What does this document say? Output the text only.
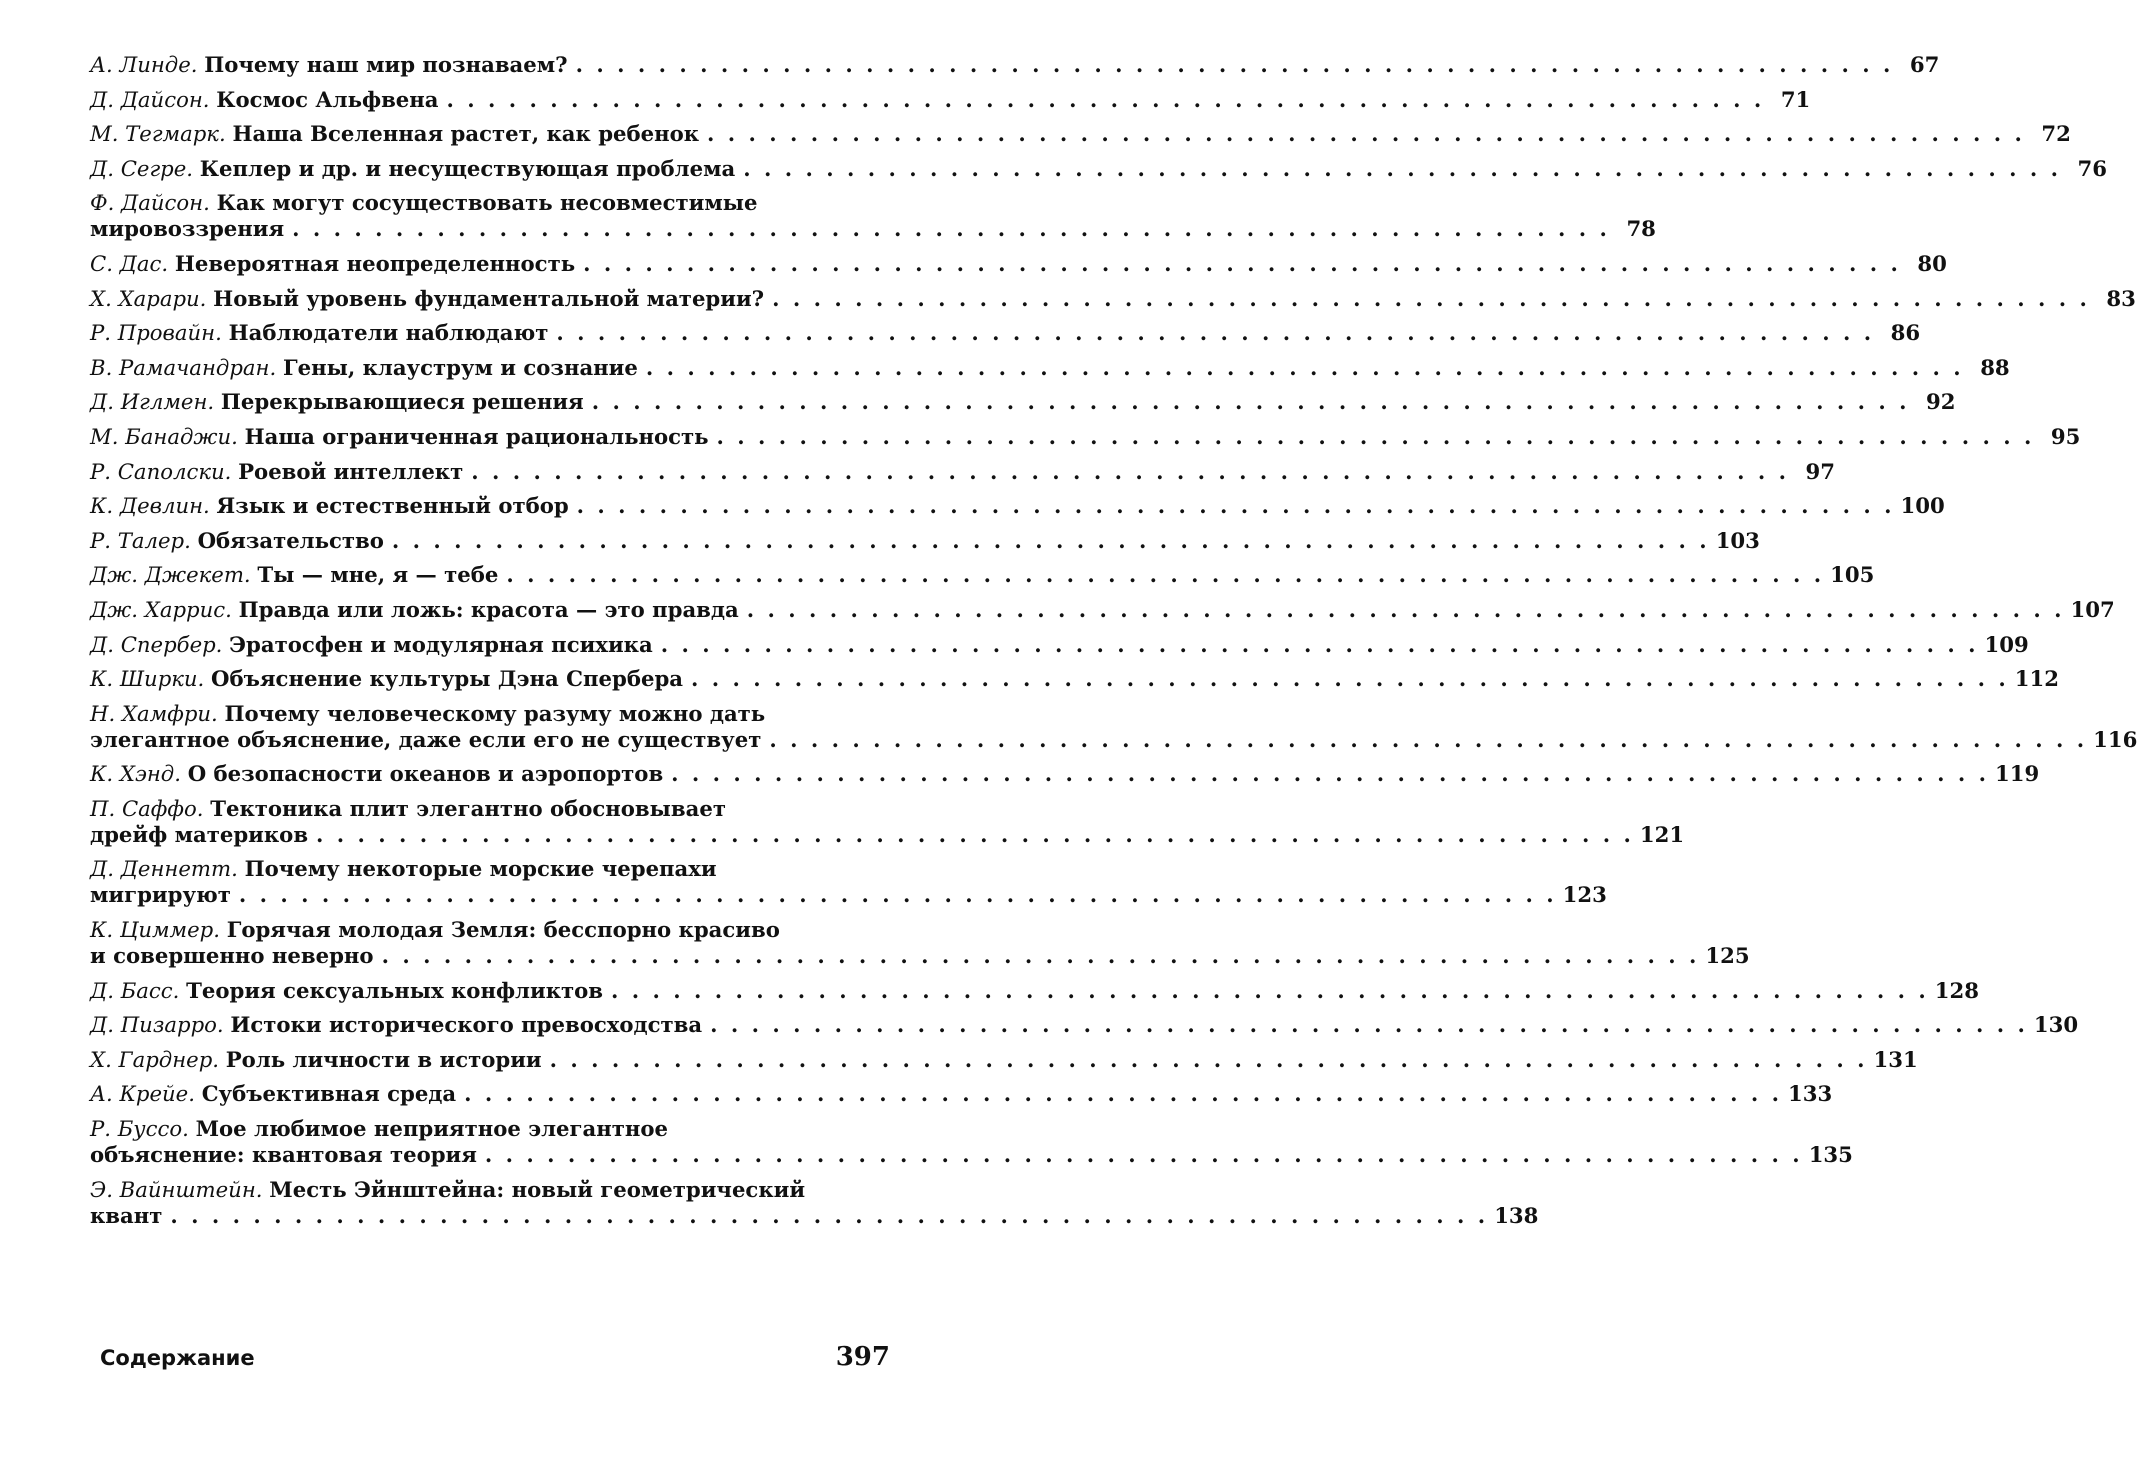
А. Линде. Почему наш мир познаваем? . . . . . . . . . . . . . . . . . . . . . . . . . . . . . . . . . . . . . . . . . . . . . . . . . . . . . . . . . . . . . . . . 67
Д. Дайсон. Космос Альфвена . . . . . . . . . . . . . . . . . . . . . . . . . . . . . . . . . . . . . . . . . . . . . . . . . . . . . . . . . . . . . . . . 71
М. Тегмарк. Наша Вселенная растет, как ребенок . . . . . . . . . . . . . . . . . . . . . . . . . . . . . . . . . . . . . . . . . . . . . . . . . . . . . . . . . . . . . . . . 72
Д. Сегре. Кеплер и др. и несуществующая проблема . . . . . . . . . . . . . . . . . . . . . . . . . . . . . . . . . . . . . . . . . . . . . . . . . . . . . . . . . . . . . . . . 76
Ф. Дайсон. Как могут сосуществовать несовместимые
мировоззрения . . . . . . . . . . . . . . . . . . . . . . . . . . . . . . . . . . . . . . . . . . . . . . . . . . . . . . . . . . . . . . . . 78
С. Дас. Невероятная неопределенность . . . . . . . . . . . . . . . . . . . . . . . . . . . . . . . . . . . . . . . . . . . . . . . . . . . . . . . . . . . . . . . . 80
Х. Харари. Новый уровень фундаментальной материи? . . . . . . . . . . . . . . . . . . . . . . . . . . . . . . . . . . . . . . . . . . . . . . . . . . . . . . . . . . . . . . . . 83
Р. Провайн. Наблюдатели наблюдают . . . . . . . . . . . . . . . . . . . . . . . . . . . . . . . . . . . . . . . . . . . . . . . . . . . . . . . . . . . . . . . . 86
В. Рамачандран. Гены, клауструм и сознание . . . . . . . . . . . . . . . . . . . . . . . . . . . . . . . . . . . . . . . . . . . . . . . . . . . . . . . . . . . . . . . . 88
Д. Иглмен. Перекрывающиеся решения . . . . . . . . . . . . . . . . . . . . . . . . . . . . . . . . . . . . . . . . . . . . . . . . . . . . . . . . . . . . . . . . 92
М. Банаджи. Наша ограниченная рациональность . . . . . . . . . . . . . . . . . . . . . . . . . . . . . . . . . . . . . . . . . . . . . . . . . . . . . . . . . . . . . . . . 95
Р. Саполски. Роевой интеллект . . . . . . . . . . . . . . . . . . . . . . . . . . . . . . . . . . . . . . . . . . . . . . . . . . . . . . . . . . . . . . . . 97
К. Девлин. Язык и естественный отбор . . . . . . . . . . . . . . . . . . . . . . . . . . . . . . . . . . . . . . . . . . . . . . . . . . . . . . . . . . . . . . . . 100
Р. Талер. Обязательство . . . . . . . . . . . . . . . . . . . . . . . . . . . . . . . . . . . . . . . . . . . . . . . . . . . . . . . . . . . . . . . . 103
Дж. Джекет. Ты — мне, я — тебе . . . . . . . . . . . . . . . . . . . . . . . . . . . . . . . . . . . . . . . . . . . . . . . . . . . . . . . . . . . . . . . . 105
Дж. Харрис. Правда или ложь: красота — это правда . . . . . . . . . . . . . . . . . . . . . . . . . . . . . . . . . . . . . . . . . . . . . . . . . . . . . . . . . . . . . . . . 107
Д. Спербер. Эратосфен и модулярная психика . . . . . . . . . . . . . . . . . . . . . . . . . . . . . . . . . . . . . . . . . . . . . . . . . . . . . . . . . . . . . . . . 109
К. Ширки. Объяснение культуры Дэна Спербера . . . . . . . . . . . . . . . . . . . . . . . . . . . . . . . . . . . . . . . . . . . . . . . . . . . . . . . . . . . . . . . . 112
Н. Хамфри. Почему человеческому разуму можно дать
элегантное объяснение, даже если его не существует . . . . . . . . . . . . . . . . . . . . . . . . . . . . . . . . . . . . . . . . . . . . . . . . . . . . . . . . . . . . . . . . 116
К. Хэнд. О безопасности океанов и аэропортов . . . . . . . . . . . . . . . . . . . . . . . . . . . . . . . . . . . . . . . . . . . . . . . . . . . . . . . . . . . . . . . . 119
П. Саффо. Тектоника плит элегантно обосновывает
дрейф материков . . . . . . . . . . . . . . . . . . . . . . . . . . . . . . . . . . . . . . . . . . . . . . . . . . . . . . . . . . . . . . . . 121
Д. Деннетт. Почему некоторые морские черепахи
мигрируют . . . . . . . . . . . . . . . . . . . . . . . . . . . . . . . . . . . . . . . . . . . . . . . . . . . . . . . . . . . . . . . . 123
К. Циммер. Горячая молодая Земля: бесспорно красиво
и совершенно неверно . . . . . . . . . . . . . . . . . . . . . . . . . . . . . . . . . . . . . . . . . . . . . . . . . . . . . . . . . . . . . . . . 125
Д. Басс. Теория сексуальных конфликтов . . . . . . . . . . . . . . . . . . . . . . . . . . . . . . . . . . . . . . . . . . . . . . . . . . . . . . . . . . . . . . . . 128
Д. Пизарро. Истоки исторического превосходства . . . . . . . . . . . . . . . . . . . . . . . . . . . . . . . . . . . . . . . . . . . . . . . . . . . . . . . . . . . . . . . . 130
Х. Гарднер. Роль личности в истории . . . . . . . . . . . . . . . . . . . . . . . . . . . . . . . . . . . . . . . . . . . . . . . . . . . . . . . . . . . . . . . . 131
А. Крейе. Субъективная среда . . . . . . . . . . . . . . . . . . . . . . . . . . . . . . . . . . . . . . . . . . . . . . . . . . . . . . . . . . . . . . . . 133
Р. Буссо. Мое любимое неприятное элегантное
объяснение: квантовая теория . . . . . . . . . . . . . . . . . . . . . . . . . . . . . . . . . . . . . . . . . . . . . . . . . . . . . . . . . . . . . . . . 135
Э. Вайнштейн. Месть Эйнштейна: новый геометрический
квант . . . . . . . . . . . . . . . . . . . . . . . . . . . . . . . . . . . . . . . . . . . . . . . . . . . . . . . . . . . . . . . . 138
Содержание	397
